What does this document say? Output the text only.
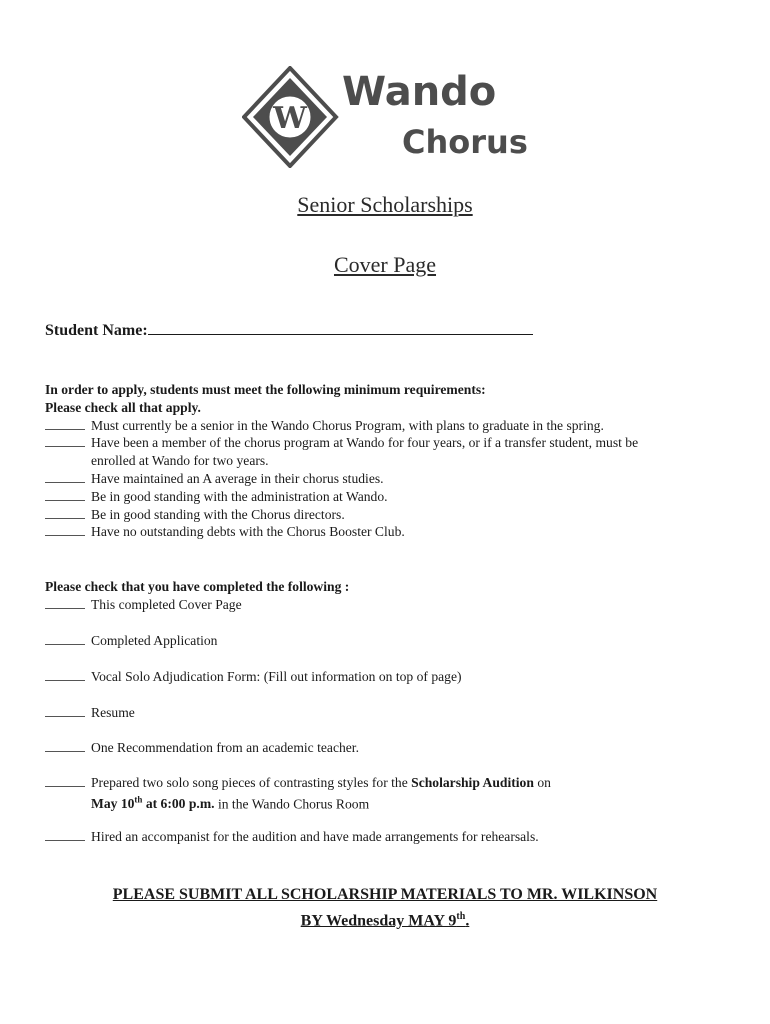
W
Wando
Chorus
Senior Scholarships
Cover Page
Student Name:
In order to apply, students must meet the following minimum requirements:
Please check all that apply.
Must currently be a senior in the Wando Chorus Program, with plans to graduate in the spring.
Have been a member of the chorus program at Wando for four years, or if a transfer student, must be enrolled at Wando for two years.
Have maintained an A average in their chorus studies.
Be in good standing with the administration at Wando.
Be in good standing with the Chorus directors.
Have no outstanding debts with the Chorus Booster Club.
Please check that you have completed the following :
This completed Cover Page
Completed Application
Vocal Solo Adjudication Form: (Fill out information on top of page)
Resume
One Recommendation from an academic teacher.
Prepared two solo song pieces of contrasting styles for the Scholarship Audition on
May 10th at 6:00 p.m. in the Wando Chorus Room
Hired an accompanist for the audition and have made arrangements for rehearsals.
PLEASE SUBMIT ALL SCHOLARSHIP MATERIALS TO MR. WILKINSON
BY Wednesday MAY 9th.
